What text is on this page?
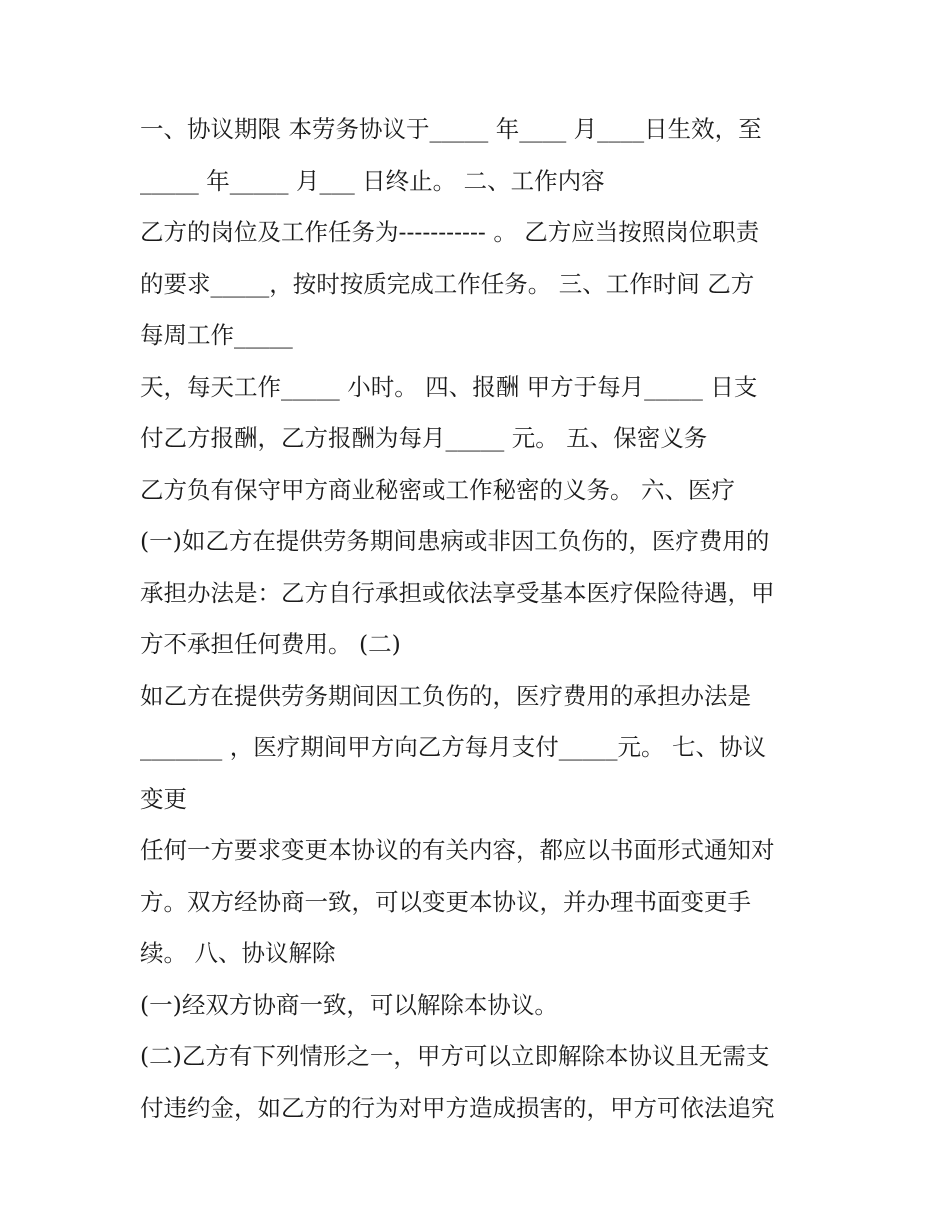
一、协议期限 本劳务协议于_____ 年____ 月____日生效，至
_____ 年_____ 月___ 日终止。 二、工作内容
乙方的岗位及工作任务为----------- 。 乙方应当按照岗位职责
的要求_____，按时按质完成工作任务。 三、工作时间 乙方
每周工作_____
天，每天工作_____ 小时。 四、报酬 甲方于每月_____ 日支
付乙方报酬，乙方报酬为每月_____ 元。 五、保密义务
乙方负有保守甲方商业秘密或工作秘密的义务。 六、医疗
(一)如乙方在提供劳务期间患病或非因工负伤的，医疗费用的
承担办法是：乙方自行承担或依法享受基本医疗保险待遇，甲
方不承担任何费用。 (二)
如乙方在提供劳务期间因工负伤的，医疗费用的承担办法是
_______ ，医疗期间甲方向乙方每月支付_____元。 七、协议
变更
任何一方要求变更本协议的有关内容，都应以书面形式通知对
方。双方经协商一致，可以变更本协议，并办理书面变更手
续。 八、协议解除
(一)经双方协商一致，可以解除本协议。
(二)乙方有下列情形之一，甲方可以立即解除本协议且无需支
付违约金，如乙方的行为对甲方造成损害的，甲方可依法追究
